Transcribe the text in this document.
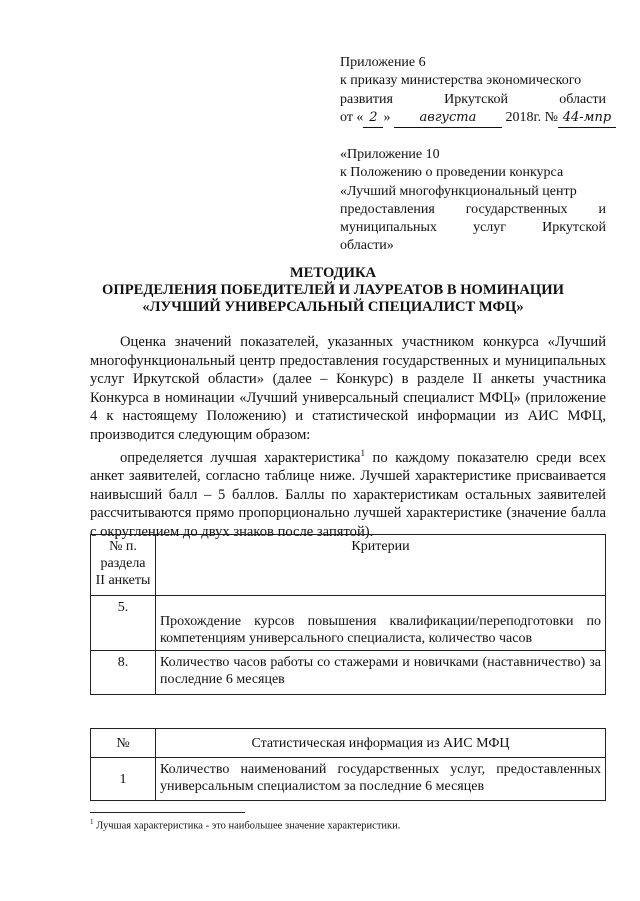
Приложение 6
к приказу министерства экономического
развития	Иркутской	области
от « 2 » августа 2018г. № 44-мпр
«Приложение 10
к Положению о проведении конкурса
«Лучший многофункциональный центр
предоставления государственных и
муниципальных	услуг	Иркутской
области»
МЕТОДИКА
ОПРЕДЕЛЕНИЯ ПОБЕДИТЕЛЕЙ И ЛАУРЕАТОВ В НОМИНАЦИИ
«ЛУЧШИЙ УНИВЕРСАЛЬНЫЙ СПЕЦИАЛИСТ МФЦ»

Оценка значений показателей, указанных участником конкурса «Лучший многофункциональный центр предоставления государственных и муниципальных услуг Иркутской области» (далее – Конкурс) в разделе II анкеты участника Конкурса в номинации «Лучший универсальный специалист МФЦ» (приложение 4 к настоящему Положению) и статистической информации из АИС МФЦ, производится следующим образом:

определяется лучшая характеристика$^1$ по каждому показателю среди всех анкет заявителей, согласно таблице ниже. Лучшей характеристике присваивается наивысший балл – 5 баллов. Баллы по характеристикам остальных заявителей рассчитываются прямо пропорционально лучшей характеристике (значение балла с округлением до двух знаков после запятой).

№ п. раздела II анкеты	Критерии
5.	Прохождение курсов повышения квалификации/переподготовки по компетенциям универсального специалиста, количество часов
8.	Количество часов работы со стажерами и новичками (наставничество) за последние 6 месяцев
№	Статистическая информация из АИС МФЦ
1	Количество наименований государственных услуг, предоставленных универсальным специалистом за последние 6 месяцев
$^1$ Лучшая характеристика - это наибольшее значение характеристики.
